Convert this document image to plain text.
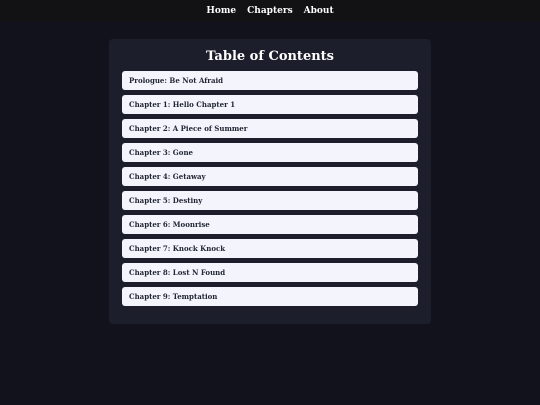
Home Chapters About
Table of Contents
Prologue: Be Not Afraid
Chapter 1: Hello Chapter 1
Chapter 2: A Piece of Summer
Chapter 3: Gone
Chapter 4: Getaway
Chapter 5: Destiny
Chapter 6: Moonrise
Chapter 7: Knock Knock
Chapter 8: Lost N Found
Chapter 9: Temptation
